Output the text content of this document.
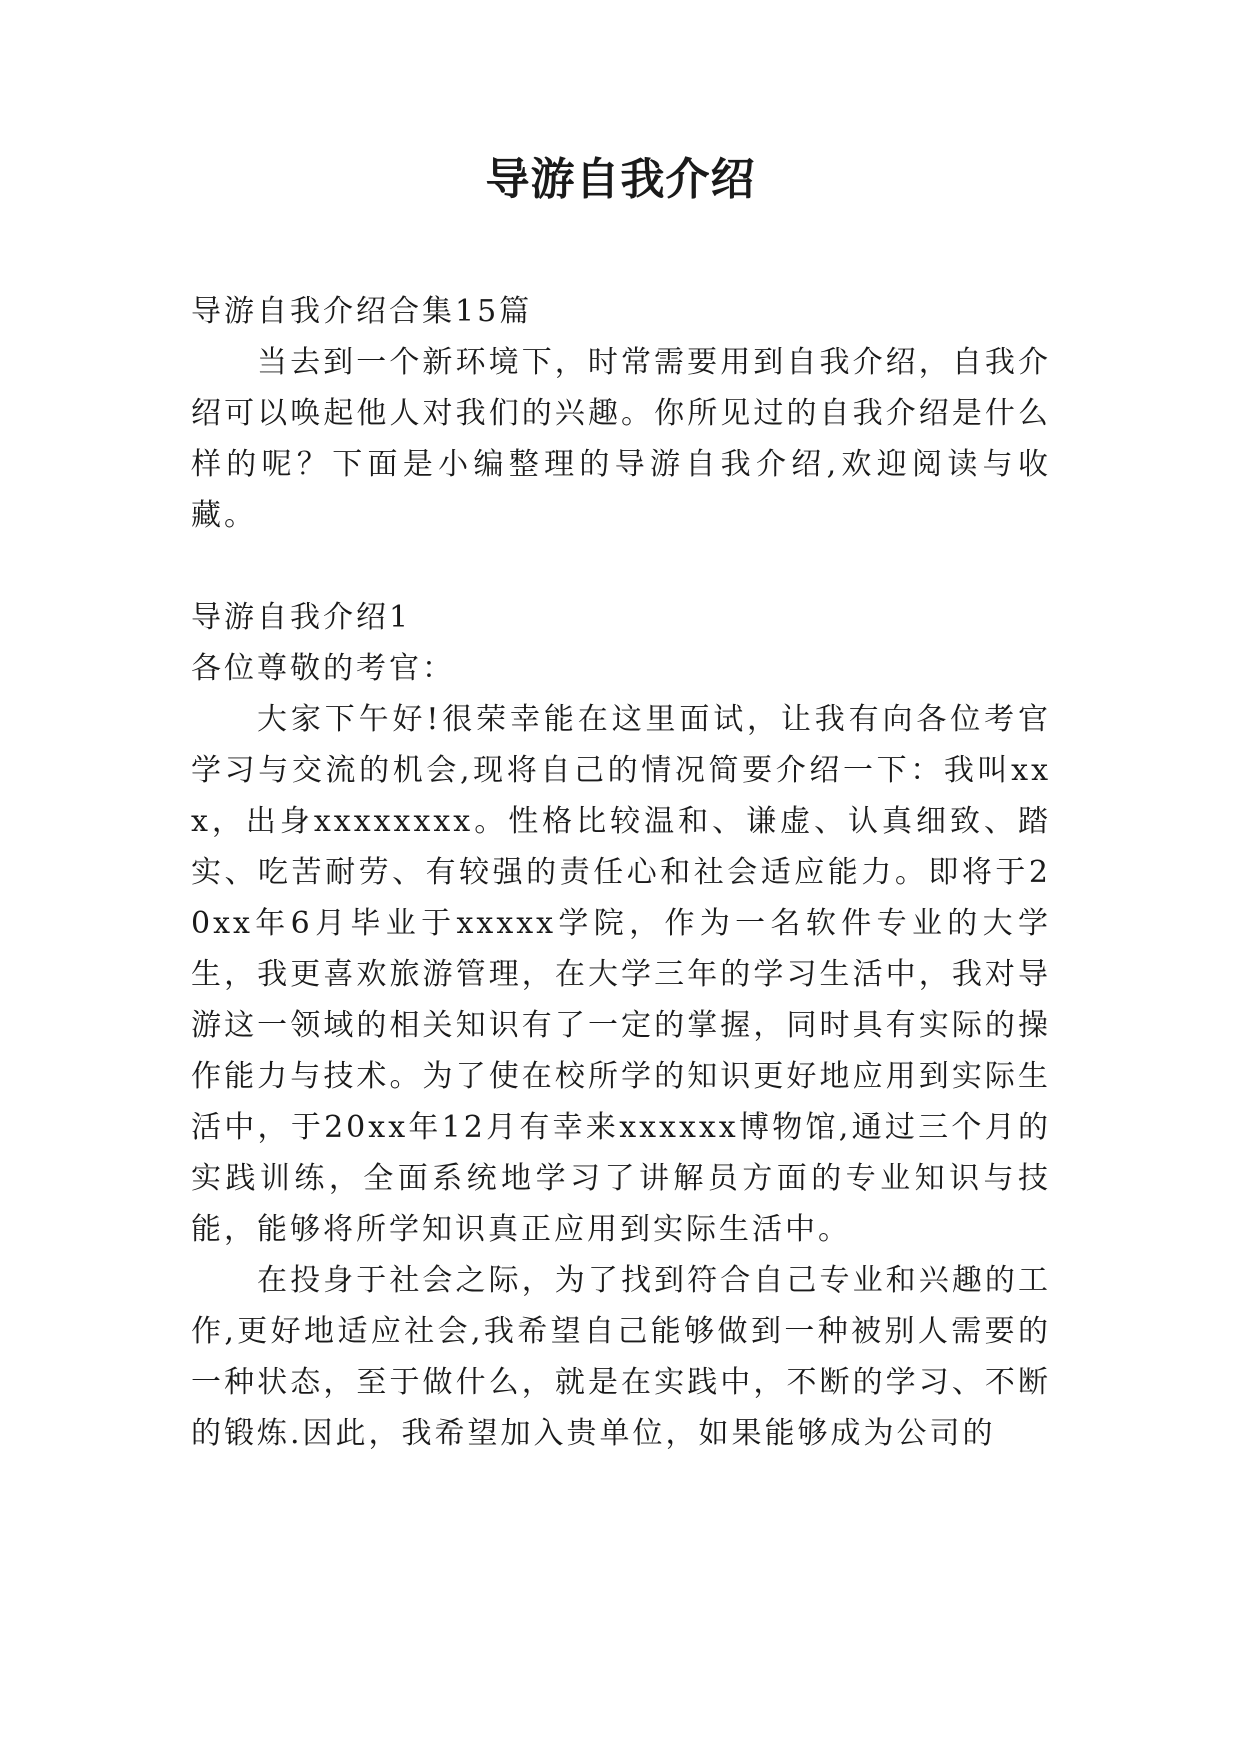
导游自我介绍

导游自我介绍合集15篇

当去到一个新环境下，时常需要用到自我介绍，自我介绍可以唤起他人对我们的兴趣。你所见过的自我介绍是什么样的呢？下面是小编整理的导游自我介绍,欢迎阅读与收藏。

导游自我介绍1

各位尊敬的考官：

大家下午好!很荣幸能在这里面试，让我有向各位考官学习与交流的机会,现将自己的情况简要介绍一下：我叫xxx，出身xxxxxxxx。性格比较温和、谦虚、认真细致、踏实、吃苦耐劳、有较强的责任心和社会适应能力。即将于20xx年6月毕业于xxxxx学院，作为一名软件专业的大学生，我更喜欢旅游管理，在大学三年的学习生活中，我对导游这一领域的相关知识有了一定的掌握，同时具有实际的操作能力与技术。为了使在校所学的知识更好地应用到实际生活中，于20xx年12月有幸来xxxxxx博物馆,通过三个月的实践训练，全面系统地学习了讲解员方面的专业知识与技能，能够将所学知识真正应用到实际生活中。

在投身于社会之际，为了找到符合自己专业和兴趣的工作,更好地适应社会,我希望自己能够做到一种被别人需要的一种状态，至于做什么，就是在实践中，不断的学习、不断的锻炼.因此，我希望加入贵单位，如果能够成为公司的
